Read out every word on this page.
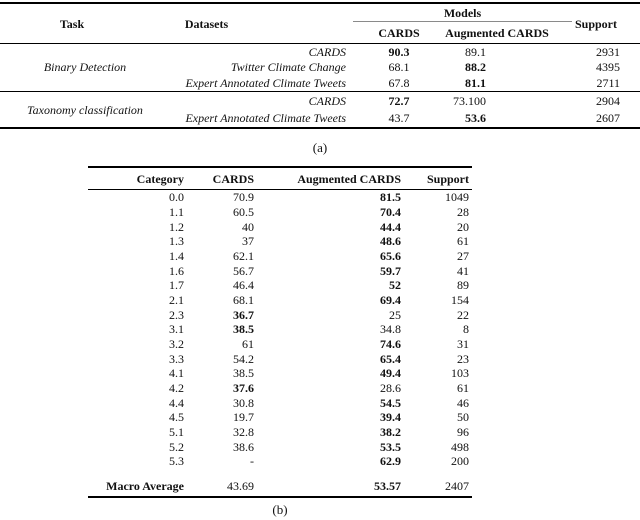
Task	Datasets	Models		Support
		CARDS	Augmented CARDS	
Binary Detection	CARDS	90.3	89.1	2931
	Twitter Climate Change	68.1	88.2	4395
	Expert Annotated Climate Tweets	67.8	81.1	2711
Taxonomy classification	CARDS	72.7	73.100	2904
	Expert Annotated Climate Tweets	43.7	53.6	2607
(a)
Category	CARDS	Augmented CARDS	Support
0.0	70.9	81.5	1049
1.1	60.5	70.4	28
1.2	40	44.4	20
1.3	37	48.6	61
1.4	62.1	65.6	27
1.6	56.7	59.7	41
1.7	46.4	52	89
2.1	68.1	69.4	154
2.3	36.7	25	22
3.1	38.5	34.8	8
3.2	61	74.6	31
3.3	54.2	65.4	23
4.1	38.5	49.4	103
4.2	37.6	28.6	61
4.4	30.8	54.5	46
4.5	19.7	39.4	50
5.1	32.8	38.2	96
5.2	38.6	53.5	498
5.3	-	62.9	200
Macro Average	43.69	53.57	2407
(b)
